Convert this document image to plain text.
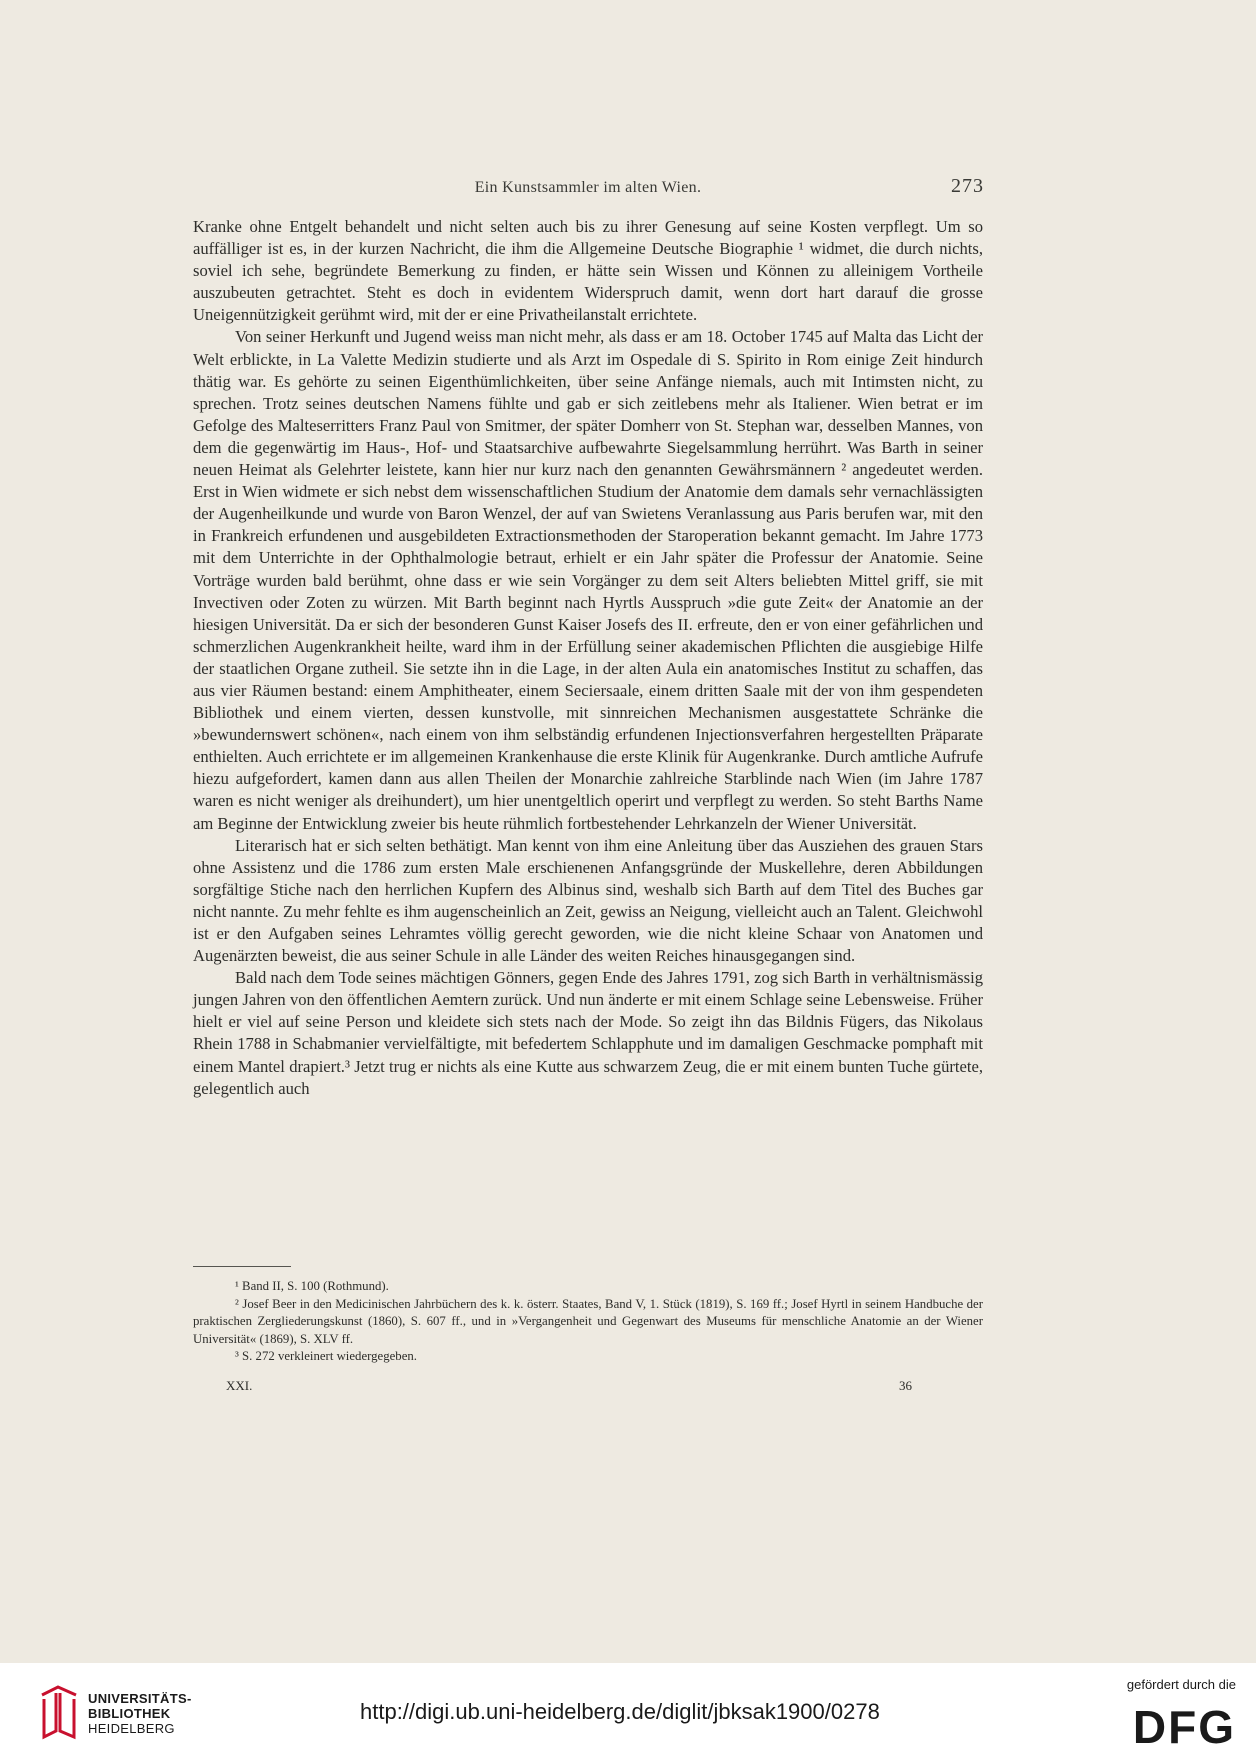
Ein Kunstsammler im alten Wien.	273

Kranke ohne Entgelt behandelt und nicht selten auch bis zu ihrer Genesung auf seine Kosten verpflegt. Um so auffälliger ist es, in der kurzen Nachricht, die ihm die Allgemeine Deutsche Biographie ¹ widmet, die durch nichts, soviel ich sehe, begründete Bemerkung zu finden, er hätte sein Wissen und Können zu alleinigem Vortheile auszubeuten getrachtet. Steht es doch in evidentem Widerspruch damit, wenn dort hart darauf die grosse Uneigennützigkeit gerühmt wird, mit der er eine Privatheilanstalt errichtete.

Von seiner Herkunft und Jugend weiss man nicht mehr, als dass er am 18. October 1745 auf Malta das Licht der Welt erblickte, in La Valette Medizin studierte und als Arzt im Ospedale di S. Spirito in Rom einige Zeit hindurch thätig war. Es gehörte zu seinen Eigenthümlichkeiten, über seine Anfänge niemals, auch mit Intimsten nicht, zu sprechen. Trotz seines deutschen Namens fühlte und gab er sich zeitlebens mehr als Italiener. Wien betrat er im Gefolge des Malteserritters Franz Paul von Smitmer, der später Domherr von St. Stephan war, desselben Mannes, von dem die gegenwärtig im Haus-, Hof- und Staatsarchive aufbewahrte Siegelsammlung herrührt. Was Barth in seiner neuen Heimat als Gelehrter leistete, kann hier nur kurz nach den genannten Gewährsmännern ² angedeutet werden. Erst in Wien widmete er sich nebst dem wissenschaftlichen Studium der Anatomie dem damals sehr vernachlässigten der Augenheilkunde und wurde von Baron Wenzel, der auf van Swietens Veranlassung aus Paris berufen war, mit den in Frankreich erfundenen und ausgebildeten Extractionsmethoden der Staroperation bekannt gemacht. Im Jahre 1773 mit dem Unterrichte in der Ophthalmologie betraut, erhielt er ein Jahr später die Professur der Anatomie. Seine Vorträge wurden bald berühmt, ohne dass er wie sein Vorgänger zu dem seit Alters beliebten Mittel griff, sie mit Invectiven oder Zoten zu würzen. Mit Barth beginnt nach Hyrtls Ausspruch »die gute Zeit« der Anatomie an der hiesigen Universität. Da er sich der besonderen Gunst Kaiser Josefs des II. erfreute, den er von einer gefährlichen und schmerzlichen Augenkrankheit heilte, ward ihm in der Erfüllung seiner akademischen Pflichten die ausgiebige Hilfe der staatlichen Organe zutheil. Sie setzte ihn in die Lage, in der alten Aula ein anatomisches Institut zu schaffen, das aus vier Räumen bestand: einem Amphitheater, einem Seciersaale, einem dritten Saale mit der von ihm gespendeten Bibliothek und einem vierten, dessen kunstvolle, mit sinnreichen Mechanismen ausgestattete Schränke die »bewundernswert schönen«, nach einem von ihm selbständig erfundenen Injectionsverfahren hergestellten Präparate enthielten. Auch errichtete er im allgemeinen Krankenhause die erste Klinik für Augenkranke. Durch amtliche Aufrufe hiezu aufgefordert, kamen dann aus allen Theilen der Monarchie zahlreiche Starblinde nach Wien (im Jahre 1787 waren es nicht weniger als dreihundert), um hier unentgeltlich operirt und verpflegt zu werden. So steht Barths Name am Beginne der Entwicklung zweier bis heute rühmlich fortbestehender Lehrkanzeln der Wiener Universität.

Literarisch hat er sich selten bethätigt. Man kennt von ihm eine Anleitung über das Ausziehen des grauen Stars ohne Assistenz und die 1786 zum ersten Male erschienenen Anfangsgründe der Muskellehre, deren Abbildungen sorgfältige Stiche nach den herrlichen Kupfern des Albinus sind, weshalb sich Barth auf dem Titel des Buches gar nicht nannte. Zu mehr fehlte es ihm augenscheinlich an Zeit, gewiss an Neigung, vielleicht auch an Talent. Gleichwohl ist er den Aufgaben seines Lehramtes völlig gerecht geworden, wie die nicht kleine Schaar von Anatomen und Augenärzten beweist, die aus seiner Schule in alle Länder des weiten Reiches hinausgegangen sind.

Bald nach dem Tode seines mächtigen Gönners, gegen Ende des Jahres 1791, zog sich Barth in verhältnismässig jungen Jahren von den öffentlichen Aemtern zurück. Und nun änderte er mit einem Schlage seine Lebensweise. Früher hielt er viel auf seine Person und kleidete sich stets nach der Mode. So zeigt ihn das Bildnis Fügers, das Nikolaus Rhein 1788 in Schabmanier vervielfältigte, mit befedertem Schlapphute und im damaligen Geschmacke pomphaft mit einem Mantel drapiert.³ Jetzt trug er nichts als eine Kutte aus schwarzem Zeug, die er mit einem bunten Tuche gürtete, gelegentlich auch

¹ Band II, S. 100 (Rothmund).

² Josef Beer in den Medicinischen Jahrbüchern des k. k. österr. Staates, Band V, 1. Stück (1819), S. 169 ff.; Josef Hyrtl in seinem Handbuche der praktischen Zergliederungskunst (1860), S. 607 ff., und in »Vergangenheit und Gegenwart des Museums für menschliche Anatomie an der Wiener Universität« (1869), S. XLV ff.

³ S. 272 verkleinert wiedergegeben.

XXI.	36
UNIVERSITÄTS-
BIBLIOTHEK
HEIDELBERG
http://digi.ub.uni-heidelberg.de/diglit/jbksak1900/0278
gefördert durch die
DFG
